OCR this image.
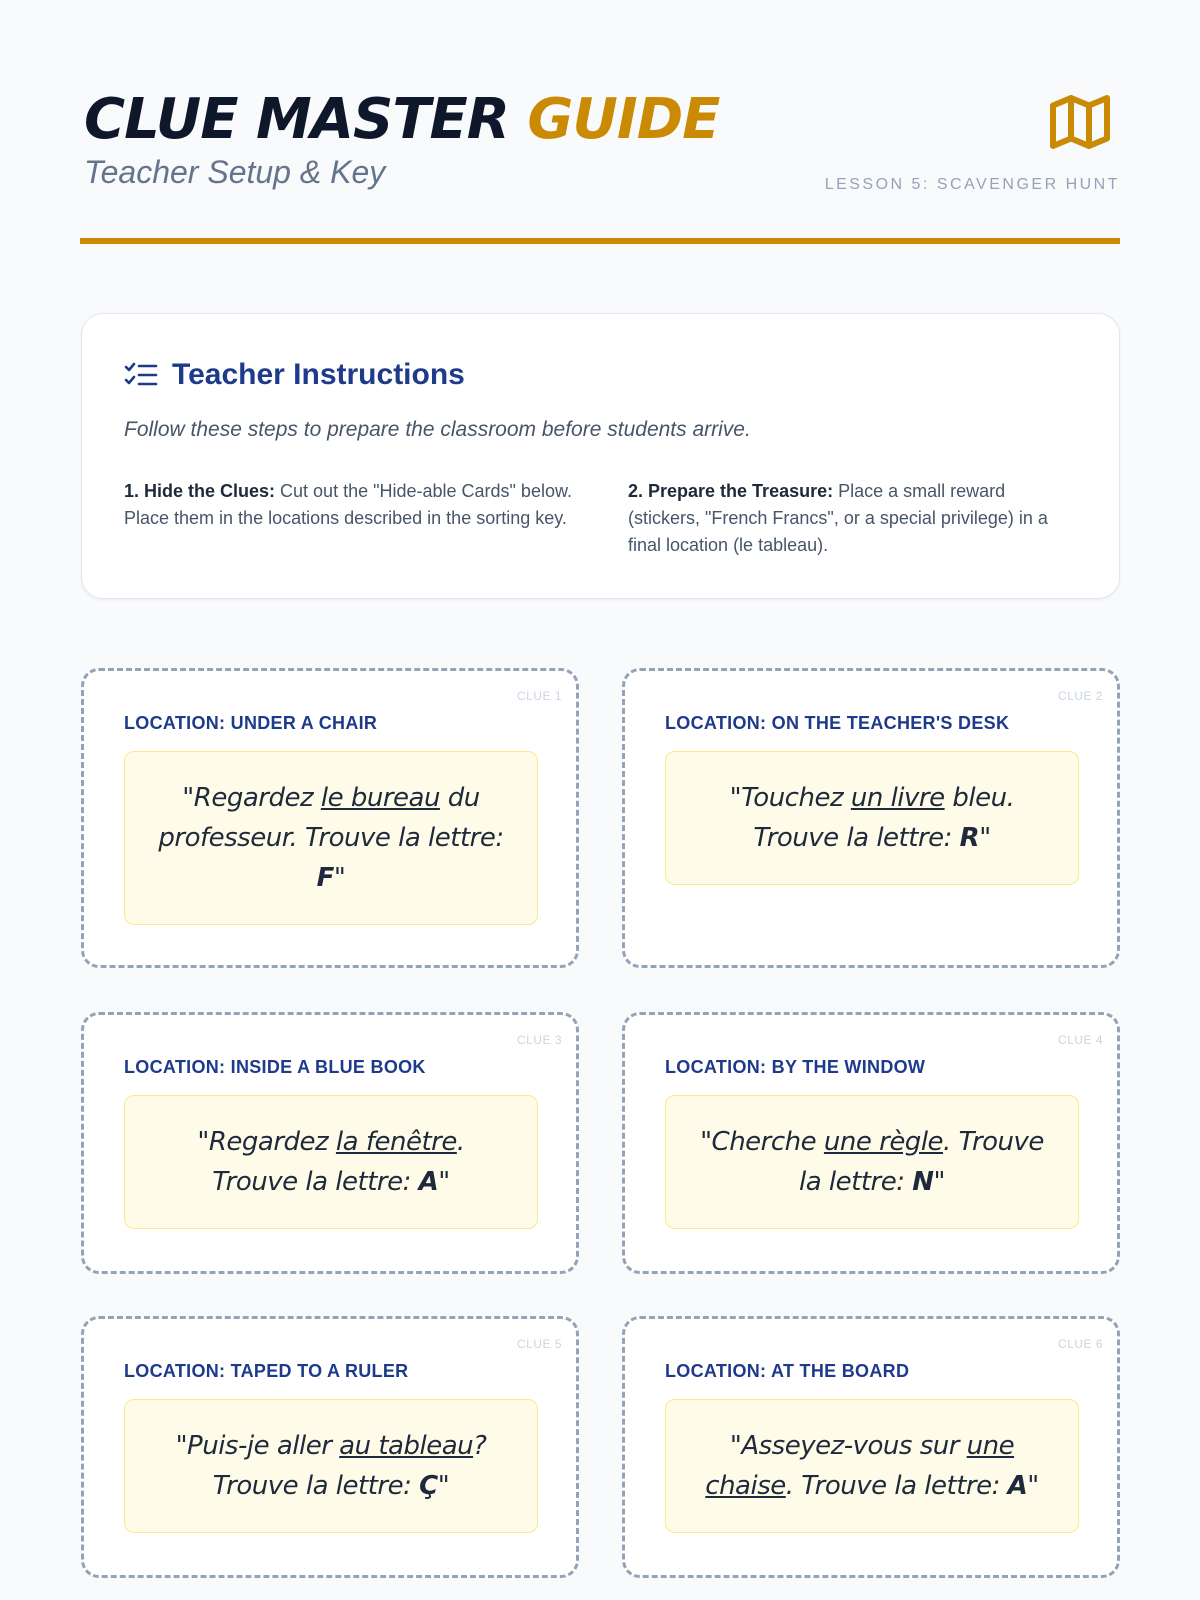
CLUE MASTER GUIDE
Teacher Setup & Key	LESSON 5: SCAVENGER HUNT
Teacher Instructions

Follow these steps to prepare the classroom before students arrive.

1. Hide the Clues: Cut out the "Hide-able Cards" below. Place them in the locations described in the sorting key.

2. Prepare the Treasure: Place a small reward (stickers, "French Francs", or a special privilege) in a final location (le tableau).

CLUE 1
LOCATION: UNDER A CHAIR
"Regardez le bureau du professeur. Trouve la lettre: F"
CLUE 2
LOCATION: ON THE TEACHER'S DESK
"Touchez un livre bleu. Trouve la lettre: R"
CLUE 3
LOCATION: INSIDE A BLUE BOOK
"Regardez la fenêtre. Trouve la lettre: A"
CLUE 4
LOCATION: BY THE WINDOW
"Cherche une règle. Trouve la lettre: N"
CLUE 5
LOCATION: TAPED TO A RULER
"Puis-je aller au tableau? Trouve la lettre: Ç"
CLUE 6
LOCATION: AT THE BOARD
"Asseyez-vous sur une chaise. Trouve la lettre: A"
